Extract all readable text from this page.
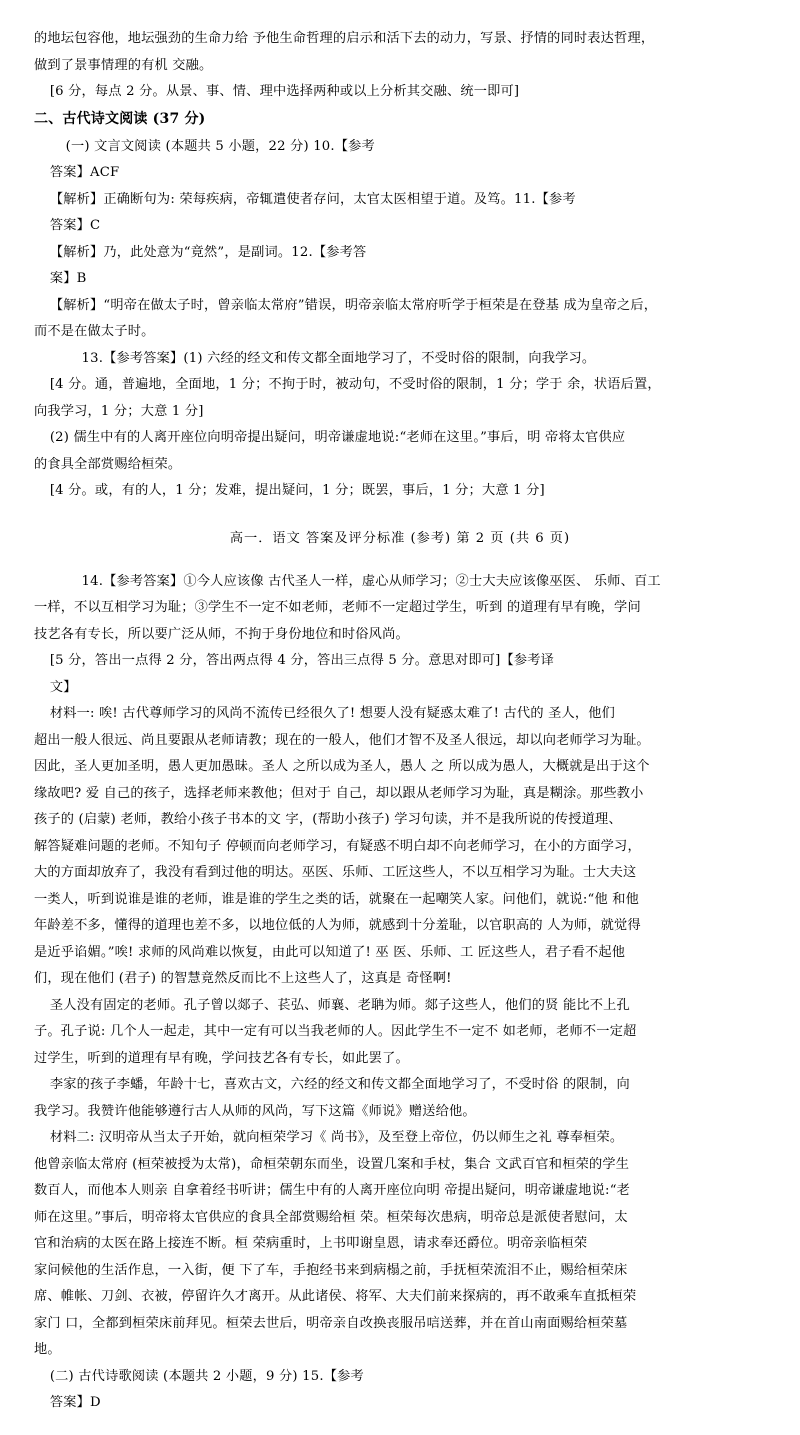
的地坛包容他，地坛强劲的生命力给 予他生命哲理的启示和活下去的动力，写景、抒情的同时表达哲理，

做到了景事情理的有机 交融。

[6 分，每点 2 分。从景、事、情、理中选择两种或以上分析其交融、统一即可]

二、古代诗文阅读 (37 分)

(一) 文言文阅读 (本题共 5 小题，22 分) 10.【参考

答案】ACF

【解析】正确断句为: 荣每疾病，帝辄遣使者存问，太官太医相望于道。及笃。11.【参考

答案】C

【解析】乃，此处意为“竟然”，是副词。12.【参考答

案】B

【解析】“明帝在做太子时，曾亲临太常府”错误，明帝亲临太常府听学于桓荣是在登基 成为皇帝之后，

而不是在做太子时。

13.【参考答案】(1) 六经的经文和传文都全面地学习了，不受时俗的限制，向我学习。

[4 分。通，普遍地，全面地，1 分；不拘于时，被动句，不受时俗的限制，1 分；学于 余，状语后置，

向我学习，1 分；大意 1 分]

(2) 儒生中有的人离开座位向明帝提出疑问，明帝谦虚地说:“老师在这里。”事后，明 帝将太官供应

的食具全部赏赐给桓荣。

[4 分。或，有的人，1 分；发难，提出疑问，1 分；既罢，事后，1 分；大意 1 分]

高一．语文 答案及评分标准 (参考) 第 2 页 (共 6 页)

14.【参考答案】①今人应该像 古代圣人一样，虚心从师学习；②士大夫应该像巫医、 乐师、百工

一样，不以互相学习为耻；③学生不一定不如老师，老师不一定超过学生，听到 的道理有早有晚，学问

技艺各有专长，所以要广泛从师，不拘于身份地位和时俗风尚。

[5 分，答出一点得 2 分，答出两点得 4 分，答出三点得 5 分。意思对即可]【参考译

文】

材料一: 唉! 古代尊师学习的风尚不流传已经很久了! 想要人没有疑惑太难了! 古代的 圣人，他们

超出一般人很远、尚且要跟从老师请教；现在的一般人，他们才智不及圣人很远，却以向老师学习为耻。

因此，圣人更加圣明，愚人更加愚昧。圣人 之所以成为圣人，愚人 之 所以成为愚人，大概就是出于这个

缘故吧? 爱 自己的孩子，选择老师来教他；但对于 自己，却以跟从老师学习为耻，真是糊涂。那些教小

孩子的 (启蒙) 老师，教给小孩子书本的文 字，(帮助小孩子) 学习句读，并不是我所说的传授道理、

解答疑难问题的老师。不知句子 停顿而向老师学习，有疑惑不明白却不向老师学习，在小的方面学习，

大的方面却放弃了，我没有看到过他的明达。巫医、乐师、工匠这些人，不以互相学习为耻。士大夫这

一类人，听到说谁是谁的老师，谁是谁的学生之类的话，就聚在一起嘲笑人家。问他们，就说:“他 和他

年龄差不多，懂得的道理也差不多，以地位低的人为师，就感到十分羞耻，以官职高的 人为师，就觉得

是近乎谄媚。”唉! 求师的风尚难以恢复，由此可以知道了! 巫 医、乐师、工 匠这些人，君子看不起他

们，现在他们 (君子) 的智慧竟然反而比不上这些人了，这真是 奇怪啊!

圣人没有固定的老师。孔子曾以郯子、苌弘、师襄、老聃为师。郯子这些人，他们的贤 能比不上孔

子。孔子说: 几个人一起走，其中一定有可以当我老师的人。因此学生不一定不 如老师，老师不一定超

过学生，听到的道理有早有晚，学问技艺各有专长，如此罢了。

李家的孩子李蟠，年龄十七，喜欢古文，六经的经文和传文都全面地学习了，不受时俗 的限制，向

我学习。我赞许他能够遵行古人从师的风尚，写下这篇《师说》赠送给他。

材料二: 汉明帝从当太子开始，就向桓荣学习《 尚书》，及至登上帝位，仍以师生之礼 尊奉桓荣。

他曾亲临太常府 (桓荣被授为太常)，命桓荣朝东而坐，设置几案和手杖，集合 文武百官和桓荣的学生

数百人，而他本人则亲 自拿着经书听讲；儒生中有的人离开座位向明 帝提出疑问，明帝谦虚地说:“老

师在这里。”事后，明帝将太官供应的食具全部赏赐给桓 荣。桓荣每次患病，明帝总是派使者慰问，太

官和治病的太医在路上接连不断。桓 荣病重时，上书叩谢皇恩，请求奉还爵位。明帝亲临桓荣

家问候他的生活作息，一入街，便 下了车，手抱经书来到病榻之前，手抚桓荣流泪不止，赐给桓荣床

席、帷帐、刀剑、衣被，停留许久才离开。从此诸侯、将军、大夫们前来探病的，再不敢乘车直抵桓荣

家门 口，全都到桓荣床前拜见。桓荣去世后，明帝亲自改换丧服吊唁送葬，并在首山南面赐给桓荣墓

地。

(二) 古代诗歌阅读 (本题共 2 小题，9 分) 15.【参考

答案】D
